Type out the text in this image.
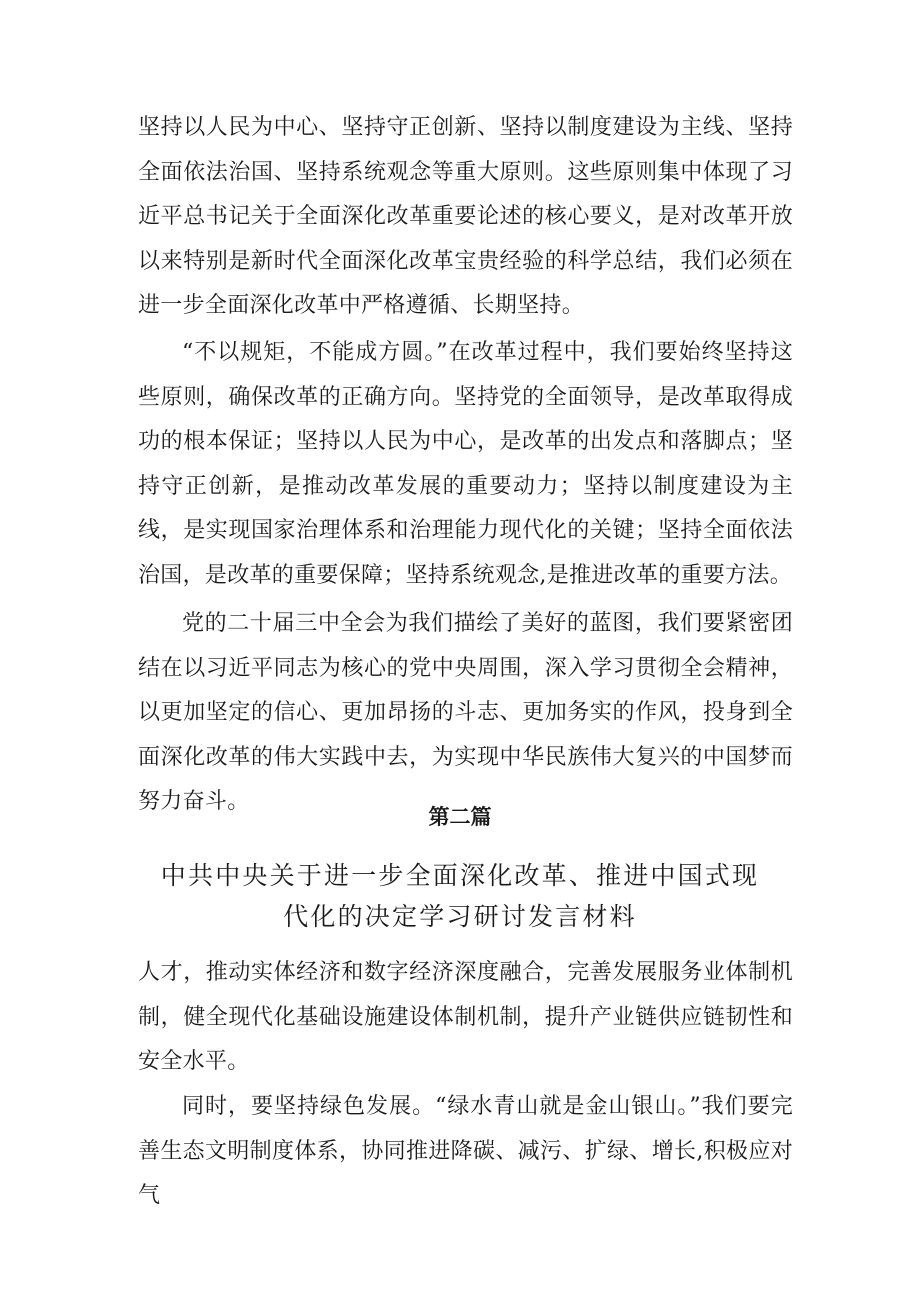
坚持以人民为中心、坚持守正创新、坚持以制度建设为主线、坚持全面依法治国、坚持系统观念等重大原则。这些原则集中体现了习近平总书记关于全面深化改革重要论述的核心要义，是对改革开放以来特别是新时代全面深化改革宝贵经验的科学总结，我们必须在进一步全面深化改革中严格遵循、长期坚持。

“不以规矩，不能成方圆。”在改革过程中，我们要始终坚持这些原则，确保改革的正确方向。坚持党的全面领导，是改革取得成功的根本保证；坚持以人民为中心，是改革的出发点和落脚点；坚持守正创新，是推动改革发展的重要动力；坚持以制度建设为主线，是实现国家治理体系和治理能力现代化的关键；坚持全面依法治国，是改革的重要保障；坚持系统观念,是推进改革的重要方法。

党的二十届三中全会为我们描绘了美好的蓝图，我们要紧密团结在以习近平同志为核心的党中央周围，深入学习贯彻全会精神，以更加坚定的信心、更加昂扬的斗志、更加务实的作风，投身到全面深化改革的伟大实践中去，为实现中华民族伟大复兴的中国梦而努力奋斗。

第二篇
中共中央关于进一步全面深化改革、推进中国式现
代化的决定学习研讨发言材料

人才，推动实体经济和数字经济深度融合，完善发展服务业体制机制，健全现代化基础设施建设体制机制，提升产业链供应链韧性和安全水平。

同时，要坚持绿色发展。“绿水青山就是金山银山。”我们要完善生态文明制度体系，协同推进降碳、减污、扩绿、增长,积极应对气
